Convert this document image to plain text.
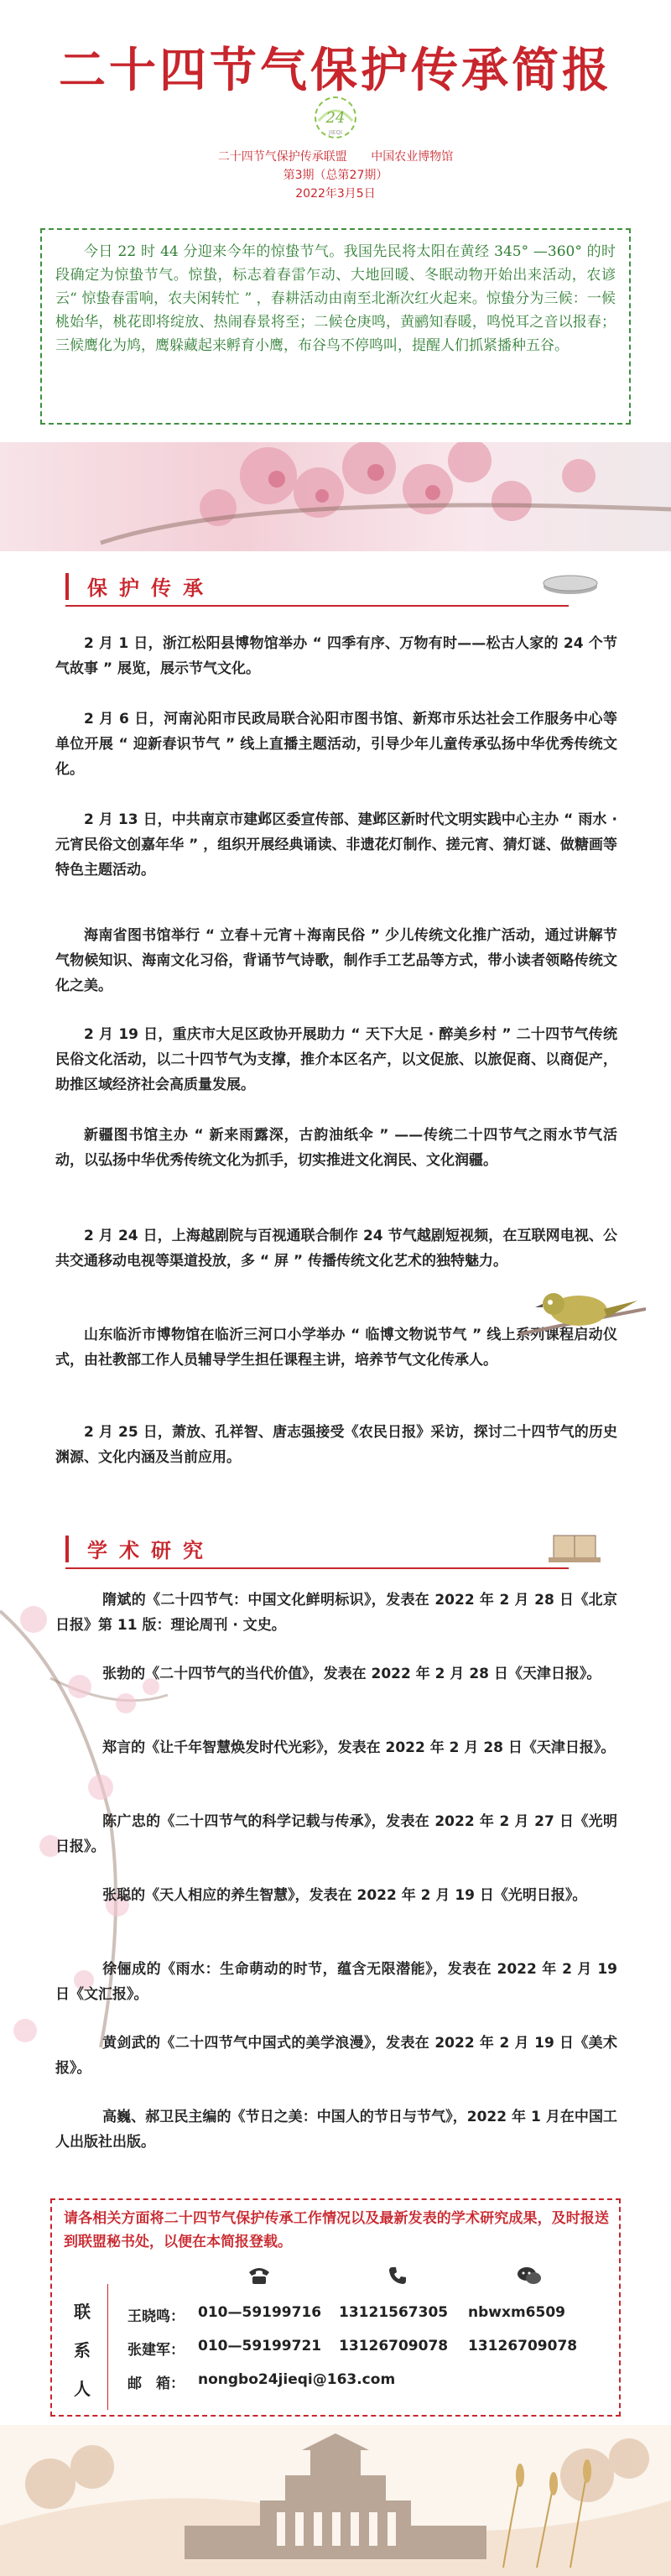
二十四节气保护传承简报
24
JIEQI
二十四节气保护传承联盟 中国农业博物馆
第3期（总第27期）
2022年3月5日
今日 22 时 44 分迎来今年的惊蛰节气。我国先民将太阳在黄经 345° —360° 的时段确定为惊蛰节气。惊蛰，标志着春雷乍动、大地回暖、冬眠动物开始出来活动，农谚云“ 惊蛰春雷响，农夫闲转忙 ” ，春耕活动由南至北渐次红火起来。惊蛰分为三候：一候桃始华，桃花即将绽放、热闹春景将至；二候仓庚鸣，黄鹂知春暖，鸣悦耳之音以报春；三候鹰化为鸠，鹰躲藏起来孵育小鹰，布谷鸟不停鸣叫，提醒人们抓紧播种五谷。
保护传承
2 月 1 日，浙江松阳县博物馆举办 “ 四季有序、万物有时——松古人家的 24 个节气故事 ” 展览，展示节气文化。
2 月 6 日，河南沁阳市民政局联合沁阳市图书馆、新郑市乐达社会工作服务中心等单位开展 “ 迎新春识节气 ” 线上直播主题活动，引导少年儿童传承弘扬中华优秀传统文化。
2 月 13 日，中共南京市建邺区委宣传部、建邺区新时代文明实践中心主办 “ 雨水 · 元宵民俗文创嘉年华 ” ，组织开展经典诵读、非遗花灯制作、搓元宵、猜灯谜、做糖画等特色主题活动。
海南省图书馆举行 “ 立春＋元宵＋海南民俗 ” 少儿传统文化推广活动，通过讲解节气物候知识、海南文化习俗，背诵节气诗歌，制作手工艺品等方式，带小读者领略传统文化之美。
2 月 19 日，重庆市大足区政协开展助力 “ 天下大足 · 醉美乡村 ” 二十四节气传统民俗文化活动，以二十四节气为支撑，推介本区名产，以文促旅、以旅促商、以商促产，助推区域经济社会高质量发展。
新疆图书馆主办 “ 新来雨露深，古韵油纸伞 ” ——传统二十四节气之雨水节气活动，以弘扬中华优秀传统文化为抓手，切实推进文化润民、文化润疆。
2 月 24 日，上海越剧院与百视通联合制作 24 节气越剧短视频，在互联网电视、公共交通移动电视等渠道投放，多 “ 屏 ” 传播传统文化艺术的独特魅力。
山东临沂市博物馆在临沂三河口小学举办 “ 临博文物说节气 ” 线上系列课程启动仪式，由社教部工作人员辅导学生担任课程主讲，培养节气文化传承人。
2 月 25 日，萧放、孔祥智、唐志强接受《农民日报》采访，探讨二十四节气的历史渊源、文化内涵及当前应用。
学术研究
隋斌的《二十四节气：中国文化鲜明标识》，发表在 2022 年 2 月 28 日《北京日报》第 11 版：理论周刊 · 文史。
张勃的《二十四节气的当代价值》，发表在 2022 年 2 月 28 日《天津日报》。
郑言的《让千年智慧焕发时代光彩》，发表在 2022 年 2 月 28 日《天津日报》。
陈广忠的《二十四节气的科学记载与传承》，发表在 2022 年 2 月 27 日《光明日报》。
张聪的《天人相应的养生智慧》，发表在 2022 年 2 月 19 日《光明日报》。
徐俪成的《雨水：生命萌动的时节，蕴含无限潜能》，发表在 2022 年 2 月 19 日《文汇报》。
黄剑武的《二十四节气中国式的美学浪漫》，发表在 2022 年 2 月 19 日《美术报》。
高巍、郝卫民主编的《节日之美：中国人的节日与节气》，2022 年 1 月在中国工人出版社出版。
请各相关方面将二十四节气保护传承工作情况以及最新发表的学术研究成果，及时报送到联盟秘书处，以便在本简报登载。
联系人
王晓鸣： 010—59199716 13121567305 nbwxm6509
张建军： 010—59199721 13126709078 13126709078
邮　箱： nongbo24jieqi@163.com
